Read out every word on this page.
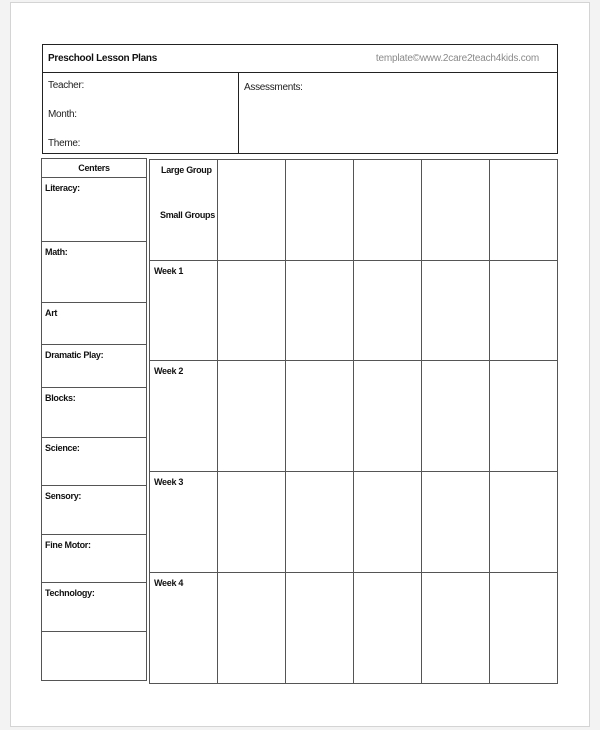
Preschool Lesson Plans	template©www.2care2teach4kids.com
Teacher:
Month:
Theme:
Assessments:
Centers
Literacy:
Math:
Art
Dramatic Play:
Blocks:
Science:
Sensory:
Fine Motor:
Technology:
Large Group
Small Groups
Week 1
Week 2
Week 3
Week 4
